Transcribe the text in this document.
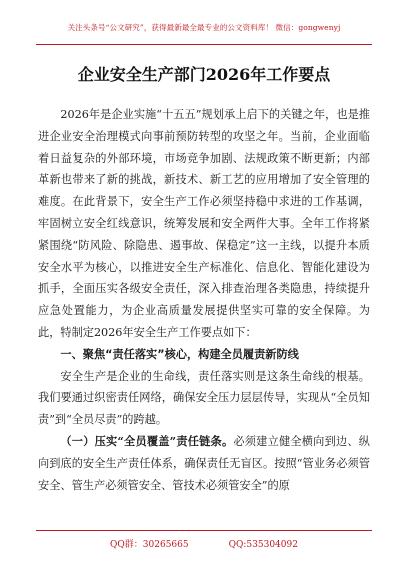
关注头条号“公文研究”，获得最新最全最专业的公文资料库！ 微信：gongwenyj
企业安全生产部门2026年工作要点

2026年是企业实施“十五五”规划承上启下的关键之年，也是推进企业安全治理模式向事前预防转型的攻坚之年。当前，企业面临着日益复杂的外部环境，市场竞争加剧、法规政策不断更新；内部革新也带来了新的挑战，新技术、新工艺的应用增加了安全管理的难度。在此背景下，安全生产工作必须坚持稳中求进的工作基调，牢固树立安全红线意识，统筹发展和安全两件大事。全年工作将紧紧围绕“防风险、除隐患、遏事故、保稳定”这一主线，以提升本质安全水平为核心，以推进安全生产标准化、信息化、智能化建设为抓手，全面压实各级安全责任，深入排查治理各类隐患，持续提升应急处置能力，为企业高质量发展提供坚实可靠的安全保障。为此，特制定2026年安全生产工作要点如下：

一、聚焦“责任落实”核心，构建全员履责新防线

安全生产是企业的生命线，责任落实则是这条生命线的根基。我们要通过织密责任网络，确保安全压力层层传导，实现从“全员知责”到“全员尽责”的跨越。

（一）压实“全员覆盖”责任链条。必须建立健全横向到边、纵向到底的安全生产责任体系，确保责任无盲区。按照“管业务必须管安全、管生产必须管安全、管技术必须管安全”的原

QQ群：30265665	QQ:535304092
